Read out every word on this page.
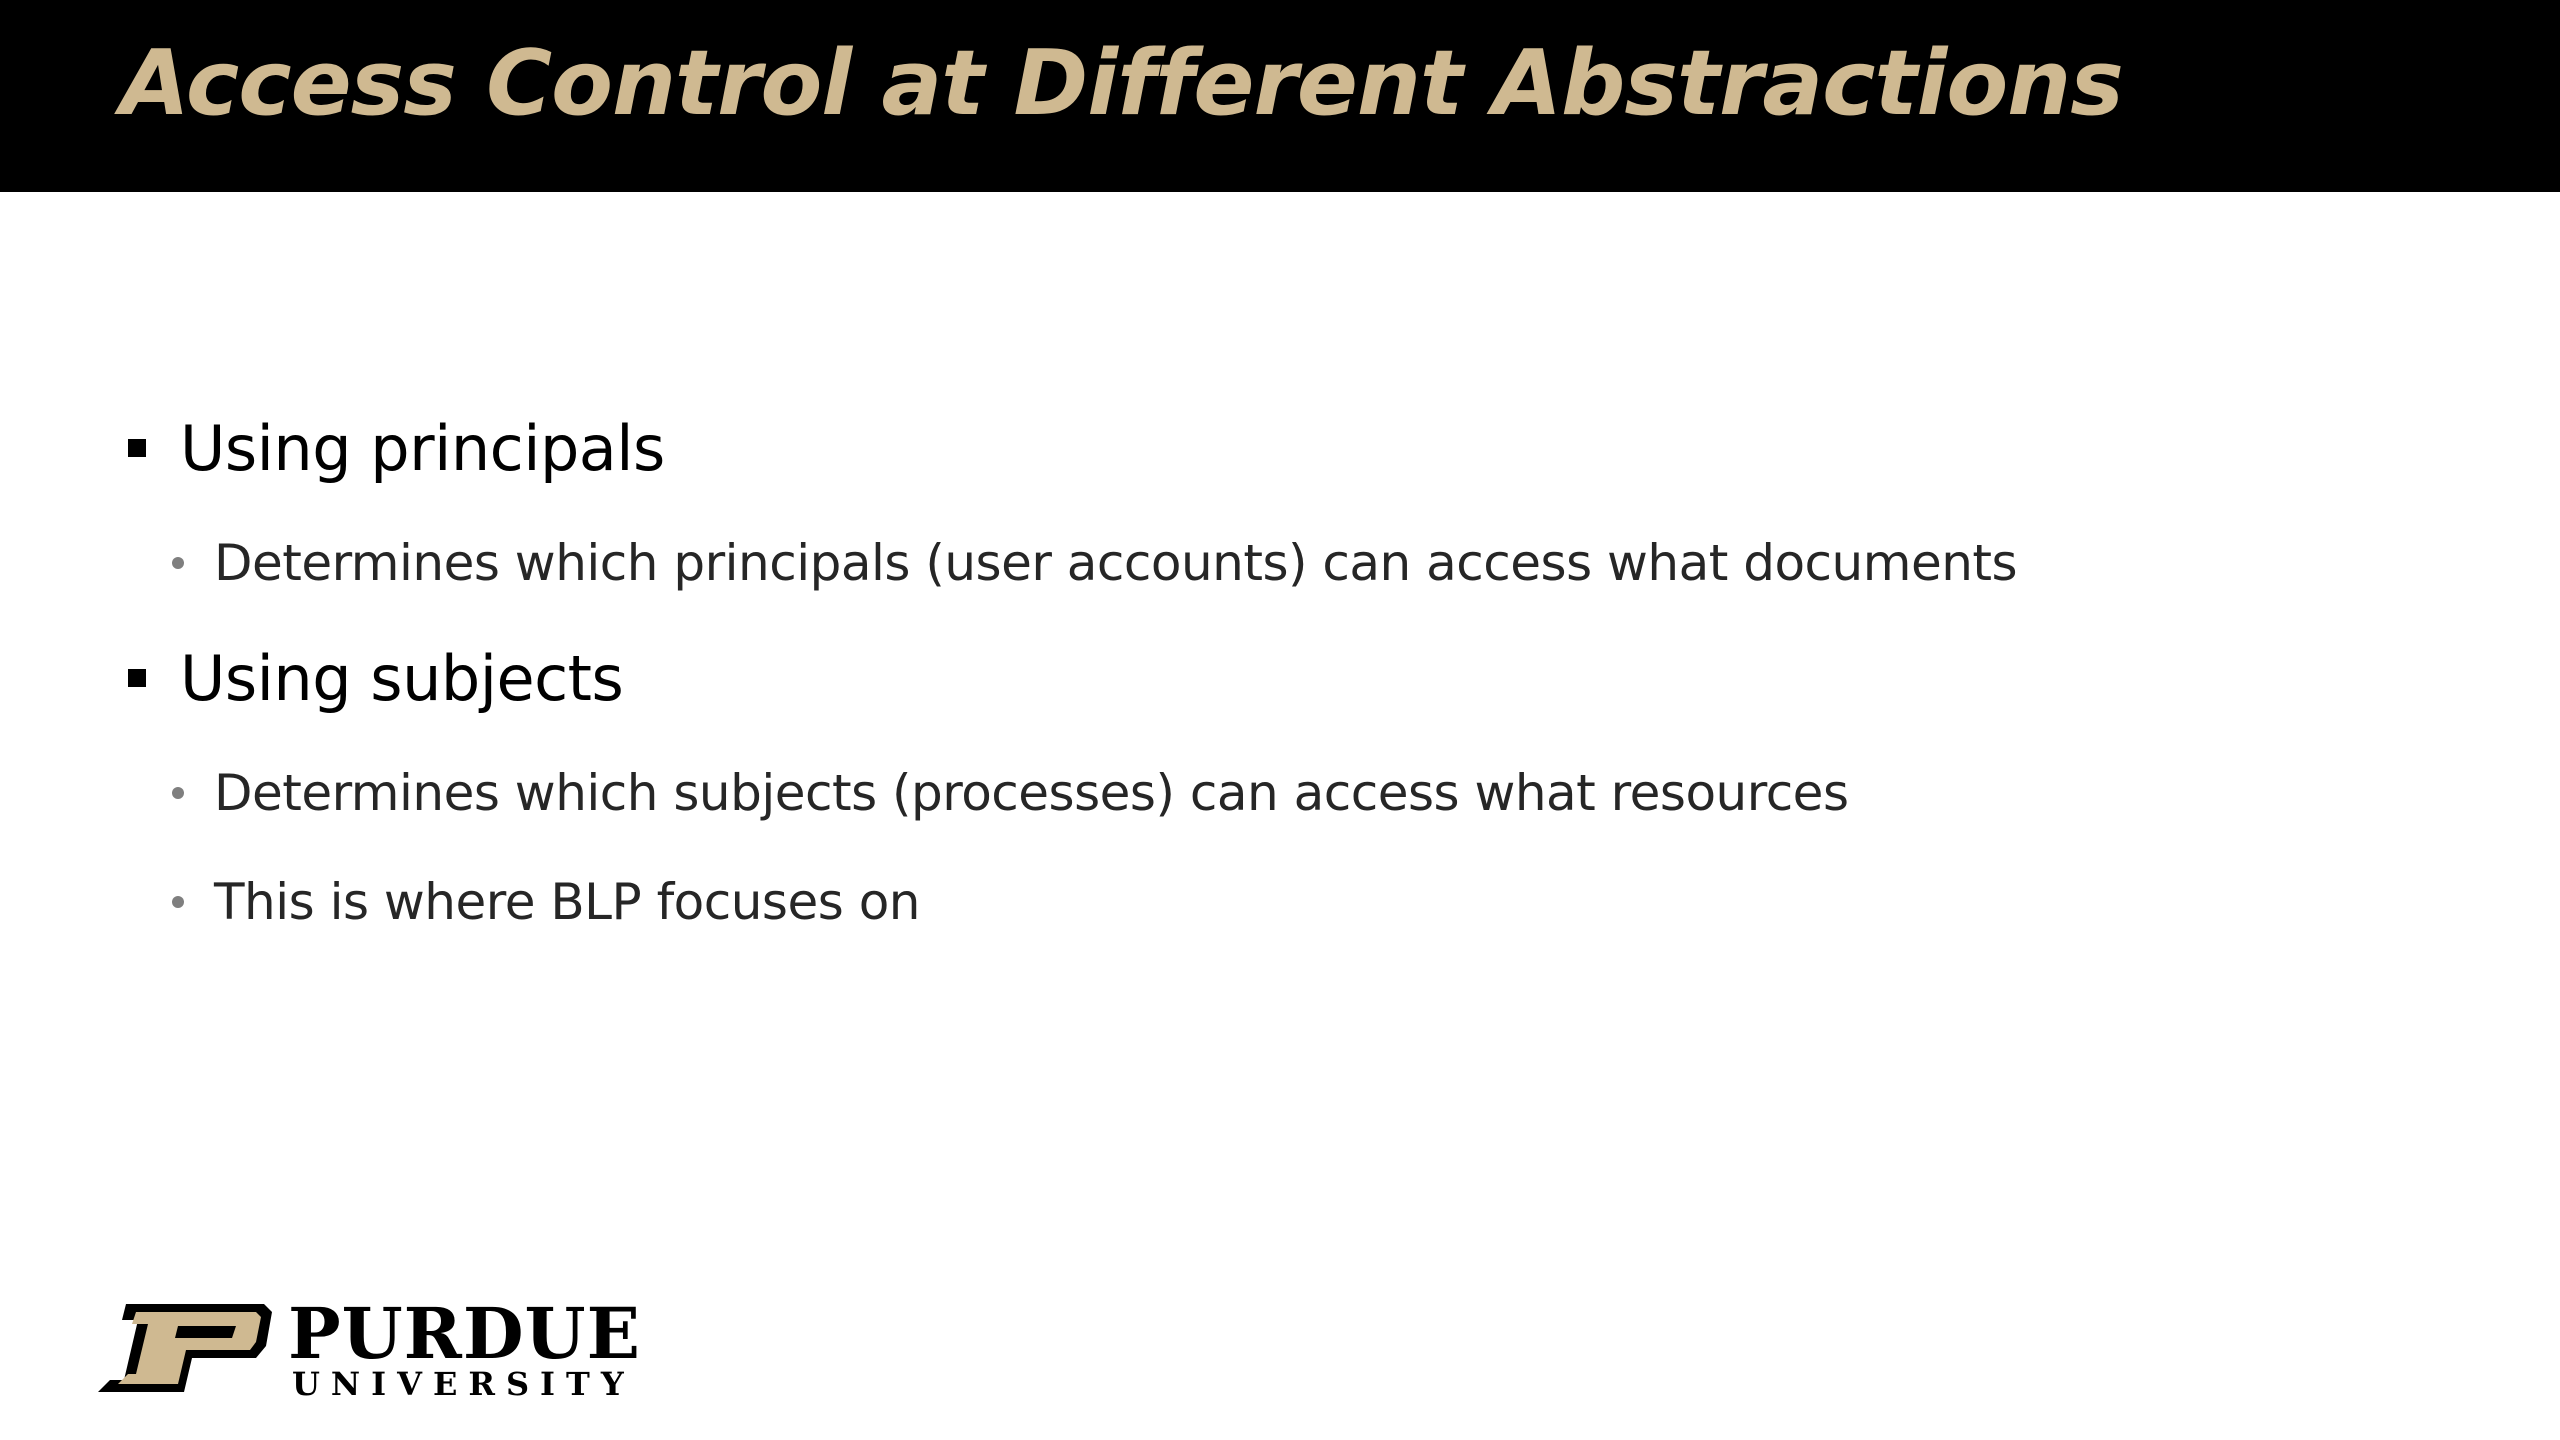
Access Control at Different Abstractions
Using principals
Determines which principals (user accounts) can access what documents
Using subjects
Determines which subjects (processes) can access what resources
This is where BLP focuses on
PURDUE
UNIVERSITY
